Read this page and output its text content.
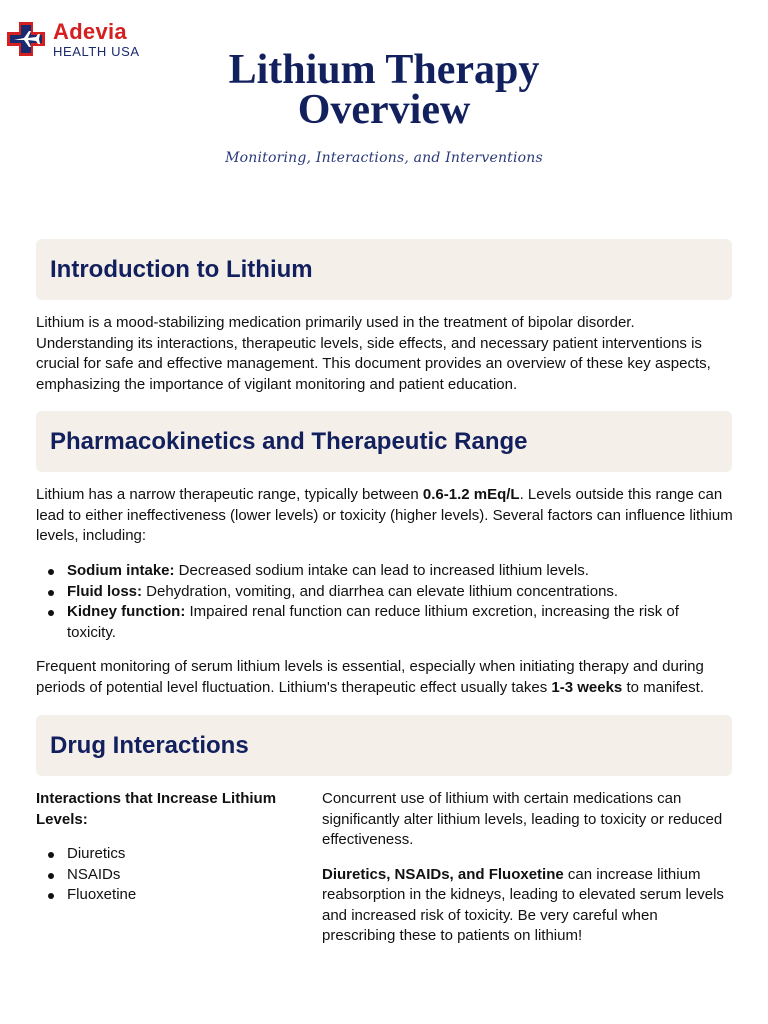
Adevia
HEALTH USA	Lithium Therapy
Overview
Monitoring, Interactions, and Interventions
Introduction to Lithium

Lithium is a mood-stabilizing medication primarily used in the treatment of bipolar disorder. Understanding its interactions, therapeutic levels, side effects, and necessary patient interventions is crucial for safe and effective management. This document provides an overview of these key aspects, emphasizing the importance of vigilant monitoring and patient education.

Pharmacokinetics and Therapeutic Range

Lithium has a narrow therapeutic range, typically between 0.6-1.2 mEq/L. Levels outside this range can lead to either ineffectiveness (lower levels) or toxicity (higher levels). Several factors can influence lithium levels, including:

Sodium intake: Decreased sodium intake can lead to increased lithium levels.
Fluid loss: Dehydration, vomiting, and diarrhea can elevate lithium concentrations.
Kidney function: Impaired renal function can reduce lithium excretion, increasing the risk of toxicity.

Frequent monitoring of serum lithium levels is essential, especially when initiating therapy and during periods of potential level fluctuation. Lithium's therapeutic effect usually takes 1-3 weeks to manifest.

Drug Interactions

Interactions that Increase Lithium Levels:

Diuretics
NSAIDs
Fluoxetine

Concurrent use of lithium with certain medications can significantly alter lithium levels, leading to toxicity or reduced effectiveness.

Diuretics, NSAIDs, and Fluoxetine can increase lithium reabsorption in the kidneys, leading to elevated serum levels and increased risk of toxicity. Be very careful when prescribing these to patients on lithium!
